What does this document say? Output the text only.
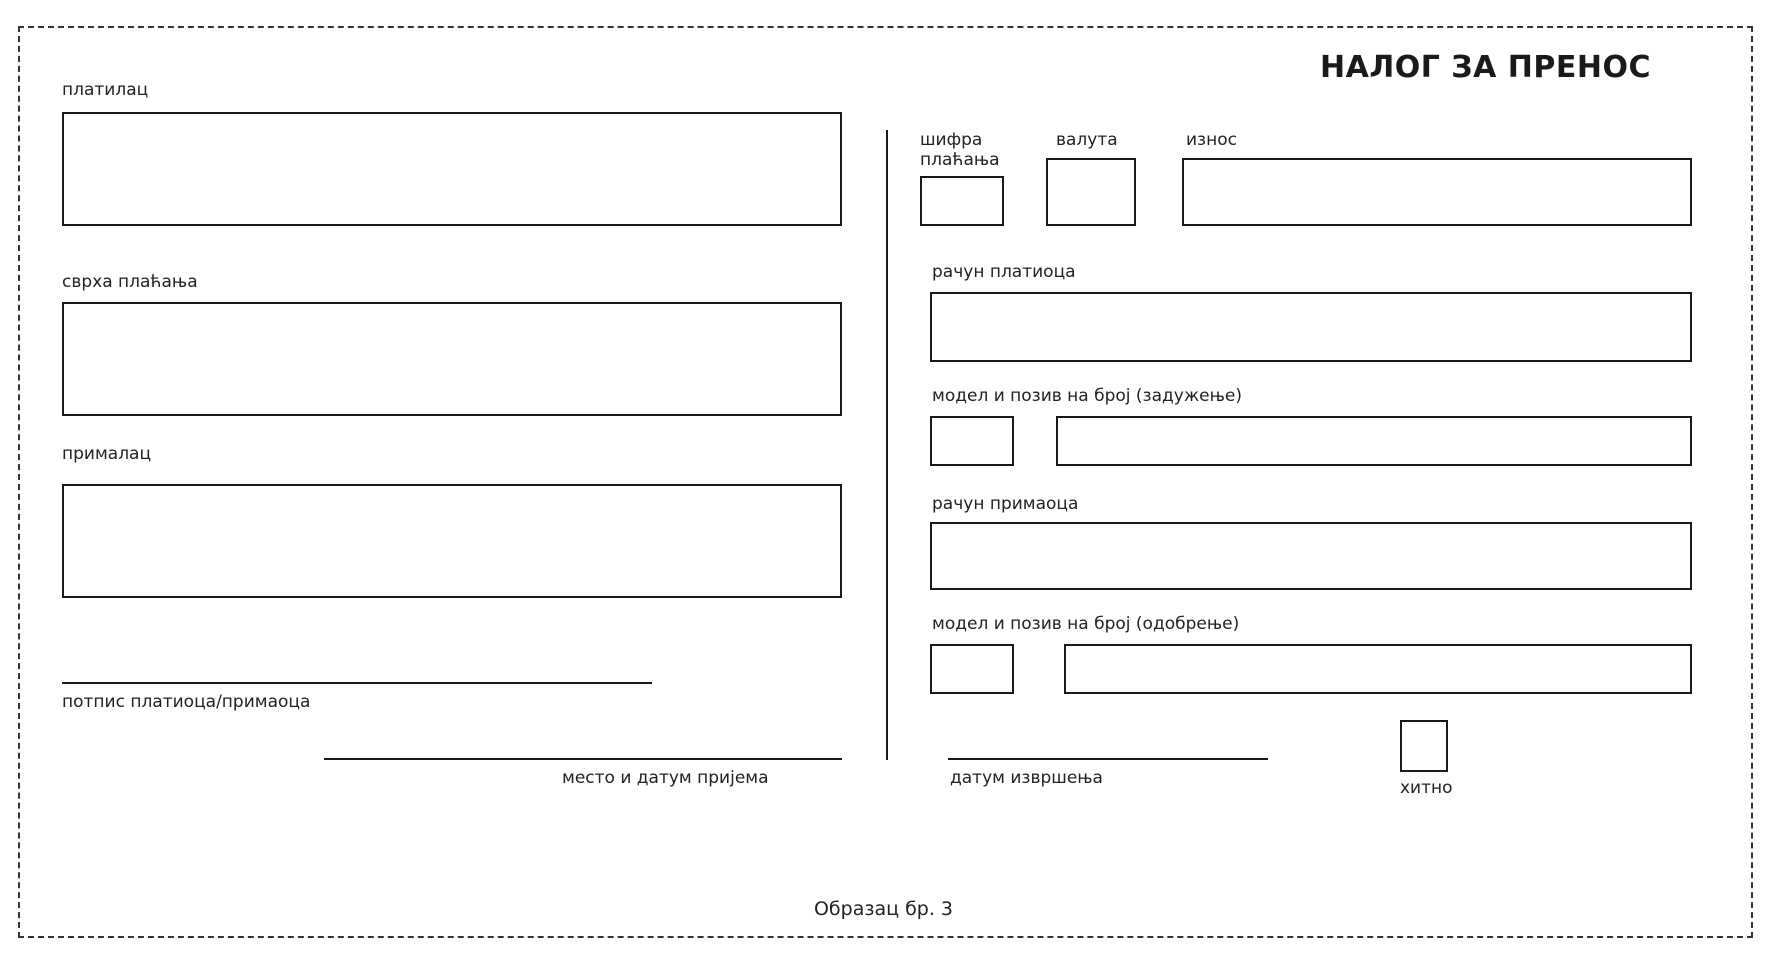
НАЛОГ ЗА ПРЕНОС
платилац
сврха плаћања
прималац
потпис платиоца/примаоца
место и датум пријема
шифра плаћања
валута	износ
рачун платиоца
модел и позив на број (задужење)
рачун примаоца
модел и позив на број (одобрење)
датум извршења	хитно
Образац бр. 3
